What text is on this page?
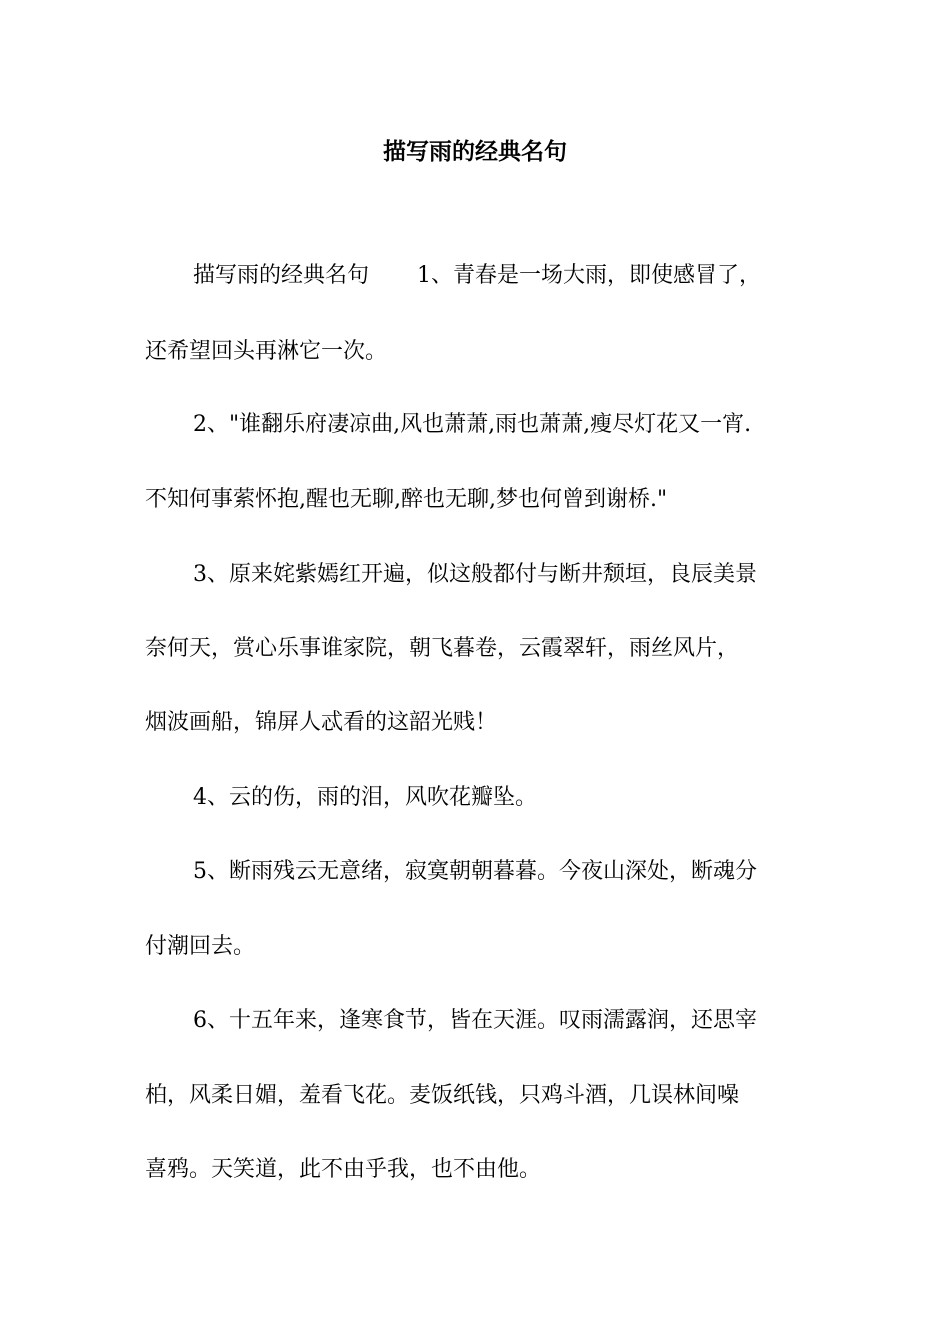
描写雨的经典名句

描写雨的经典名句 1、青春是一场大雨，即使感冒了，

还希望回头再淋它一次。

2、"谁翻乐府凄凉曲,风也萧萧,雨也萧萧,瘦尽灯花又一宵.

不知何事萦怀抱,醒也无聊,醉也无聊,梦也何曾到谢桥."

3、原来姹紫嫣红开遍，似这般都付与断井颓垣，良辰美景

奈何天，赏心乐事谁家院，朝飞暮卷，云霞翠轩，雨丝风片，

烟波画船，锦屏人忒看的这韶光贱！

4、云的伤，雨的泪，风吹花瓣坠。

5、断雨残云无意绪，寂寞朝朝暮暮。今夜山深处，断魂分

付潮回去。

6、十五年来，逢寒食节，皆在天涯。叹雨濡露润，还思宰

柏，风柔日媚，羞看飞花。麦饭纸钱，只鸡斗酒，几误林间噪

喜鸦。天笑道，此不由乎我，也不由他。
